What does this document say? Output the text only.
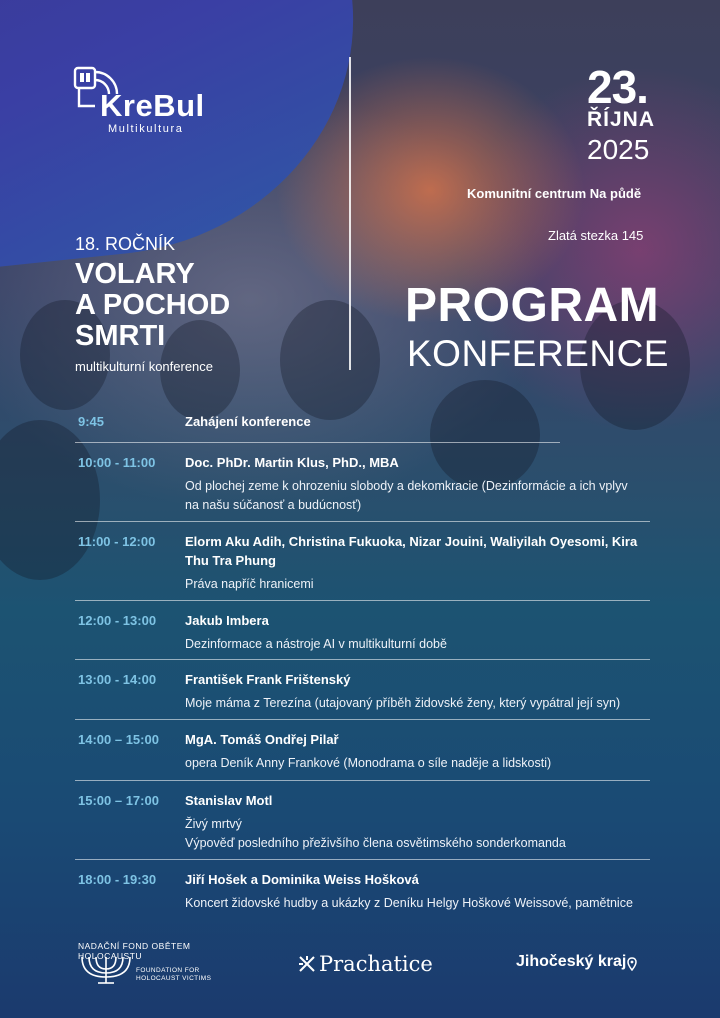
KreBul
Multikultura
18. ROČNÍK
VOLARY
A POCHOD
SMRTI
multikulturní konference
23.
ŘÍJNA
2025
Komunitní centrum Na půdě
Zlatá stezka 145
PROGRAM
KONFERENCE
9:45	Zahájení konference
10:00 - 11:00 Doc. PhDr. Martin Klus, PhD., MBA
Od plochej zeme k ohrozeniu slobody a dekomkracie (Dezinformácie a ich vplyv na našu súčanosť a budúcnosť)
11:00 - 12:00 Elorm Aku Adih, Christina Fukuoka, Nizar Jouini, Waliyilah Oyesomi, Kira Thu Tra Phung
Práva napříč hranicemi
12:00 - 13:00 Jakub Imbera
Dezinformace a nástroje AI v multikulturní době
13:00 - 14:00 František Frank Frištenský
Moje máma z Terezína (utajovaný příběh židovské ženy, který vypátral její syn)
14:00 – 15:00 MgA. Tomáš Ondřej Pilař
opera Deník Anny Frankové (Monodrama o síle naděje a lidskosti)
15:00 – 17:00 Stanislav Motl
Živý mrtvý
Výpověď posledního přeživšího člena osvětimského sonderkomanda
18:00 - 19:30 Jiří Hošek a Dominika Weiss Hošková
Koncert židovské hudby a ukázky z Deníku Helgy Hoškové Weissové, pamětnice
NADAČNÍ FOND OBĚTEM HOLOCAUSTU
FOUNDATION FOR HOLOCAUST VICTIMS
Prachatice	Jihočeský kraj
